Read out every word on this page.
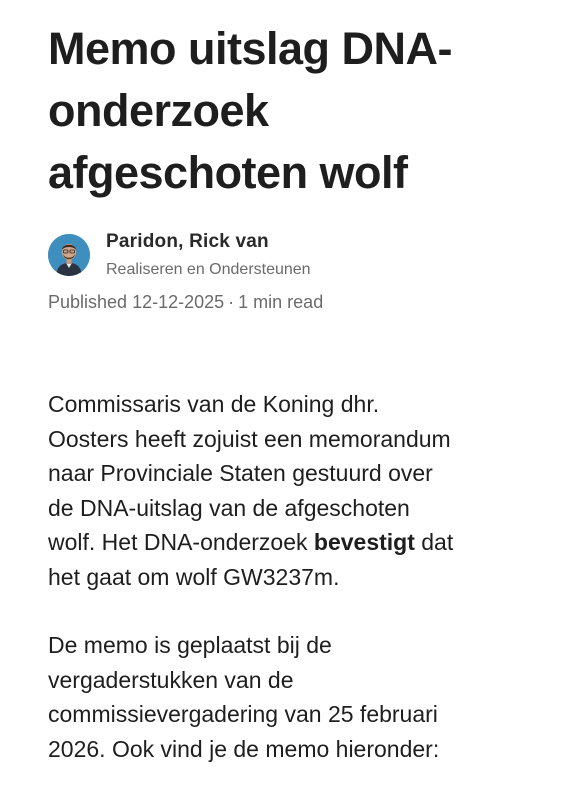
Memo uitslag DNA-
onderzoek
afgeschoten wolf
Paridon, Rick van
Realiseren en Ondersteunen
Published 12-12-2025 · 1 min read

Commissaris van de Koning dhr.
Oosters heeft zojuist een memorandum
naar Provinciale Staten gestuurd over
de DNA-uitslag van de afgeschoten
wolf. Het DNA-onderzoek bevestigt dat
het gaat om wolf GW3237m.

De memo is geplaatst bij de
vergaderstukken van de
commissievergadering van 25 februari
2026. Ook vind je de memo hieronder:
